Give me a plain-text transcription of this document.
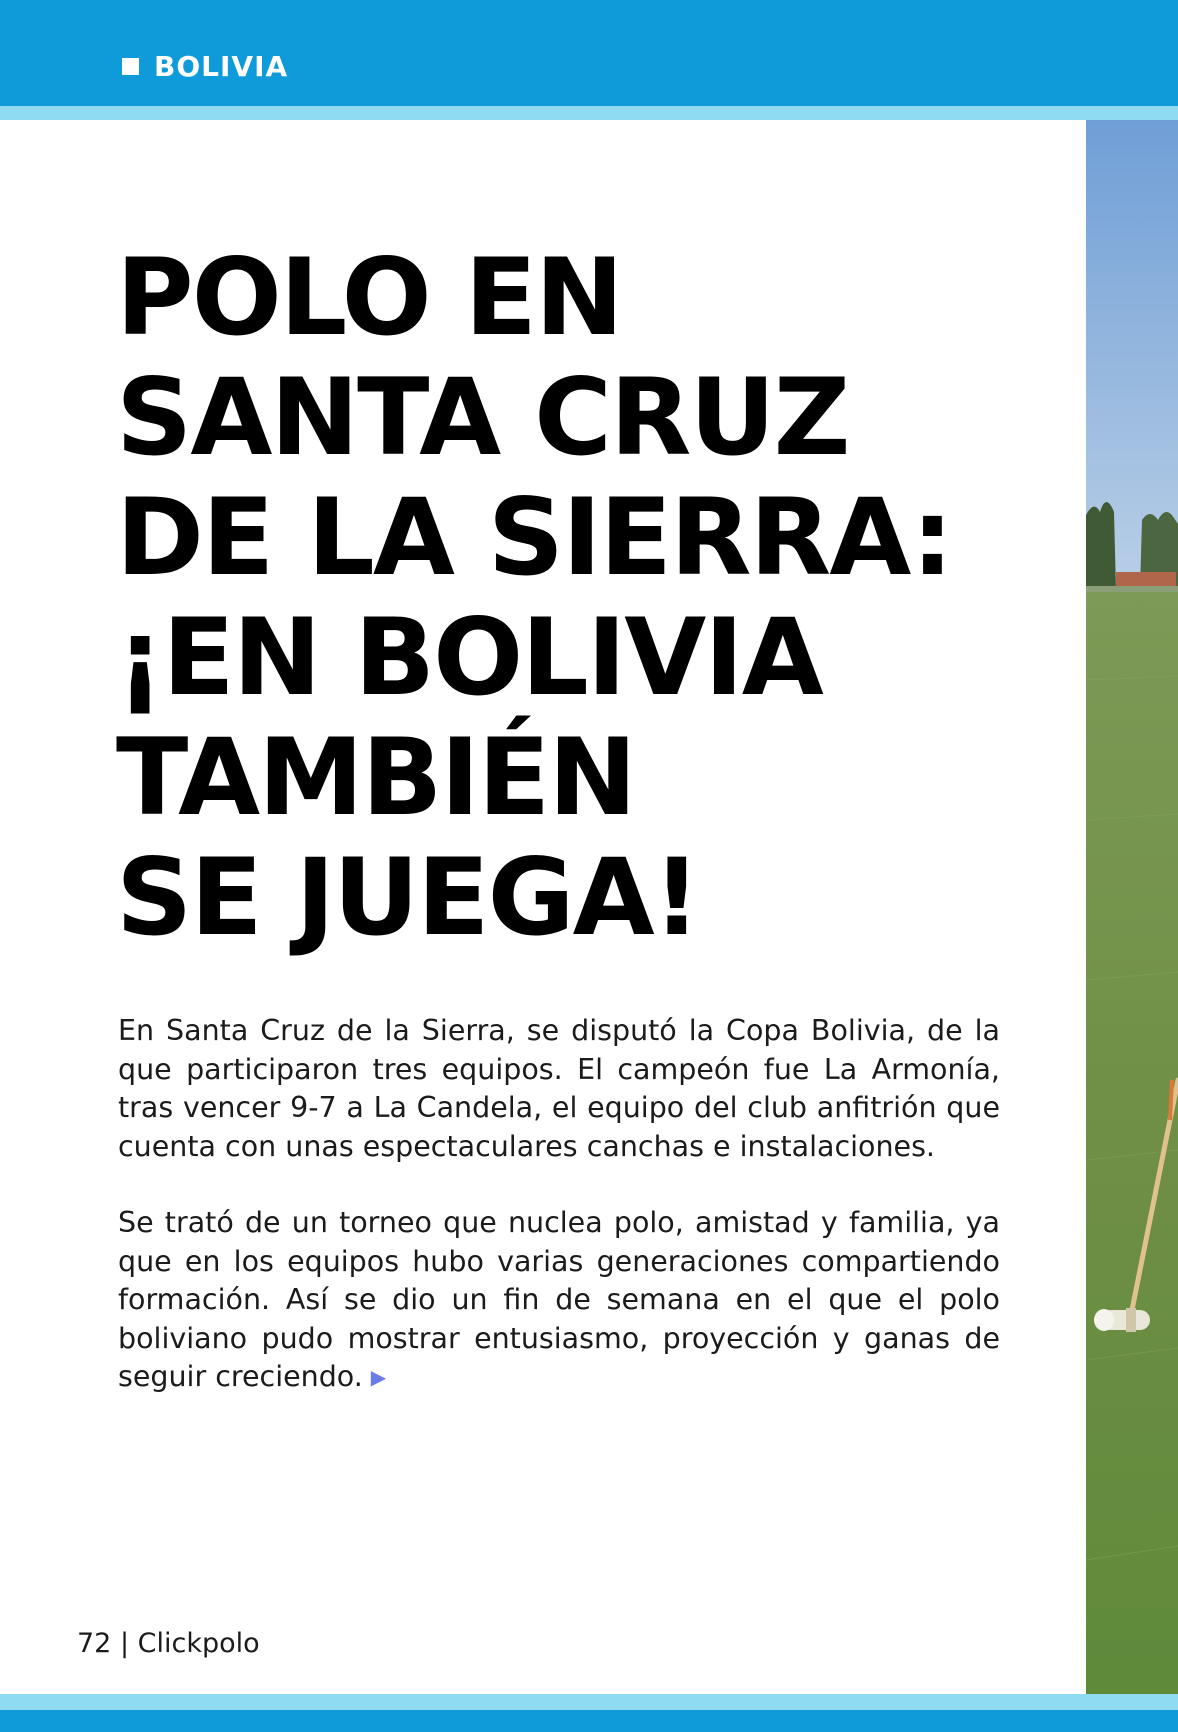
BOLIVIA
POLO EN
SANTA CRUZ
DE LA SIERRA:
¡EN BOLIVIA
TAMBIÉN
SE JUEGA!

En Santa Cruz de la Sierra, se disputó la Copa Bolivia, de la que participaron tres equipos. El campeón fue La Armonía, tras vencer 9-7 a La Candela, el equipo del club anfitrión que cuenta con unas espectaculares canchas e instalaciones.

Se trató de un torneo que nuclea polo, amistad y familia, ya que en los equipos hubo varias generaciones compartiendo formación. Así se dio un fin de semana en el que el polo boliviano pudo mostrar entusiasmo, proyección y ganas de seguir creciendo. ▶

72 | Clickpolo
